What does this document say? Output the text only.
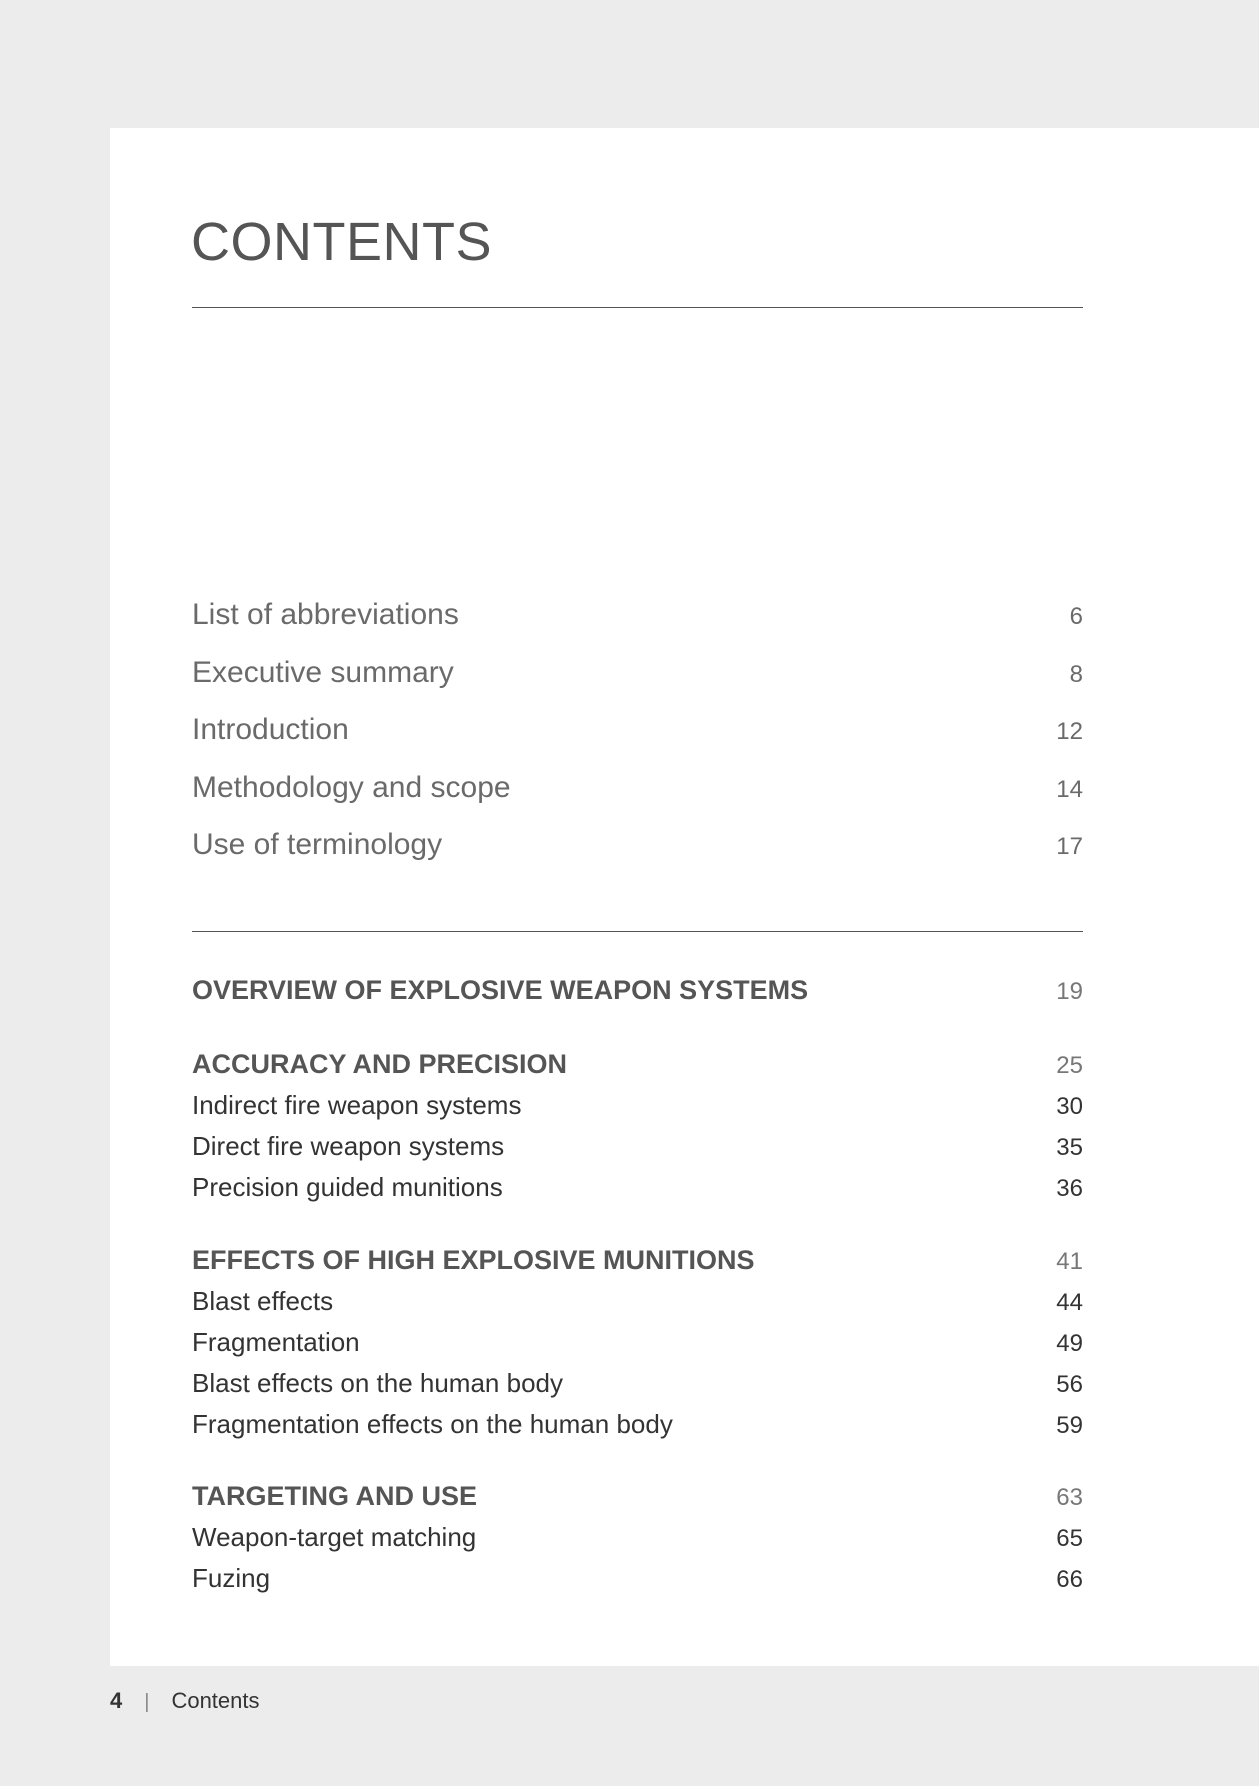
CONTENTS
List of abbreviations	6
Executive summary	8
Introduction	12
Methodology and scope	14
Use of terminology	17
OVERVIEW OF EXPLOSIVE WEAPON SYSTEMS	19
ACCURACY AND PRECISION	25
Indirect fire weapon systems	30
Direct fire weapon systems	35
Precision guided munitions	36
EFFECTS OF HIGH EXPLOSIVE MUNITIONS	41
Blast effects	44
Fragmentation	49
Blast effects on the human body	56
Fragmentation effects on the human body	59
TARGETING AND USE	63
Weapon-target matching	65
Fuzing	66
4 | Contents
